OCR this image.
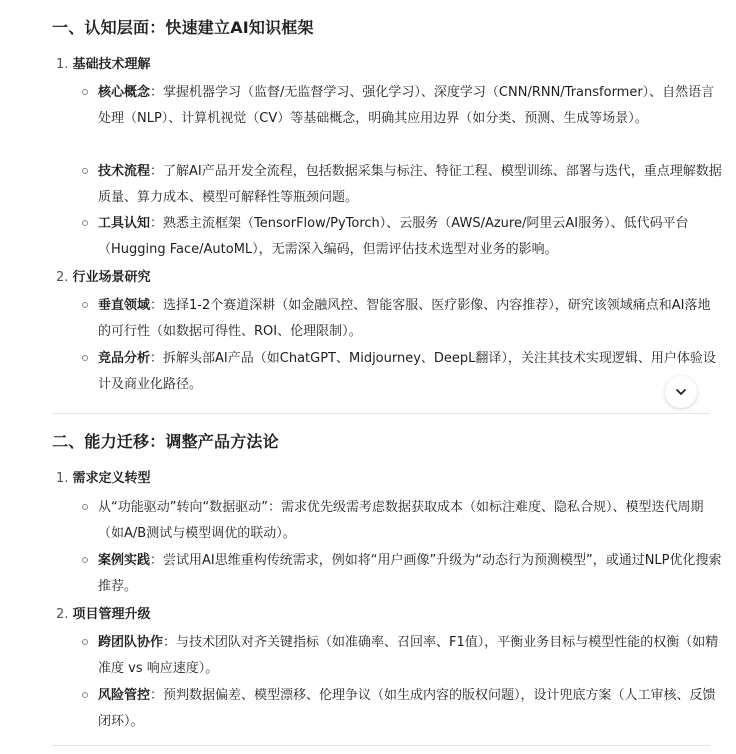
一、认知层面：快速建立AI知识框架
1. 基础技术理解
核心概念：掌握机器学习（监督/无监督学习、强化学习）、深度学习（CNN/RNN/Transformer）、自然语言处理（NLP）、计算机视觉（CV）等基础概念，明确其应用边界（如分类、预测、生成等场景）。
技术流程：了解AI产品开发全流程，包括数据采集与标注、特征工程、模型训练、部署与迭代，重点理解数据质量、算力成本、模型可解释性等瓶颈问题。
工具认知：熟悉主流框架（TensorFlow/PyTorch）、云服务（AWS/Azure/阿里云AI服务）、低代码平台（Hugging Face/AutoML），无需深入编码，但需评估技术选型对业务的影响。
2. 行业场景研究
垂直领域：选择1-2个赛道深耕（如金融风控、智能客服、医疗影像、内容推荐），研究该领域痛点和AI落地的可行性（如数据可得性、ROI、伦理限制）。
竞品分析：拆解头部AI产品（如ChatGPT、Midjourney、DeepL翻译），关注其技术实现逻辑、用户体验设计及商业化路径。
二、能力迁移：调整产品方法论
1. 需求定义转型
从“功能驱动”转向“数据驱动”：需求优先级需考虑数据获取成本（如标注难度、隐私合规）、模型迭代周期（如A/B测试与模型调优的联动）。
案例实践：尝试用AI思维重构传统需求，例如将“用户画像”升级为“动态行为预测模型”，或通过NLP优化搜索推荐。
2. 项目管理升级
跨团队协作：与技术团队对齐关键指标（如准确率、召回率、F1值），平衡业务目标与模型性能的权衡（如精准度 vs 响应速度）。
风险管控：预判数据偏差、模型漂移、伦理争议（如生成内容的版权问题），设计兜底方案（人工审核、反馈闭环）。
